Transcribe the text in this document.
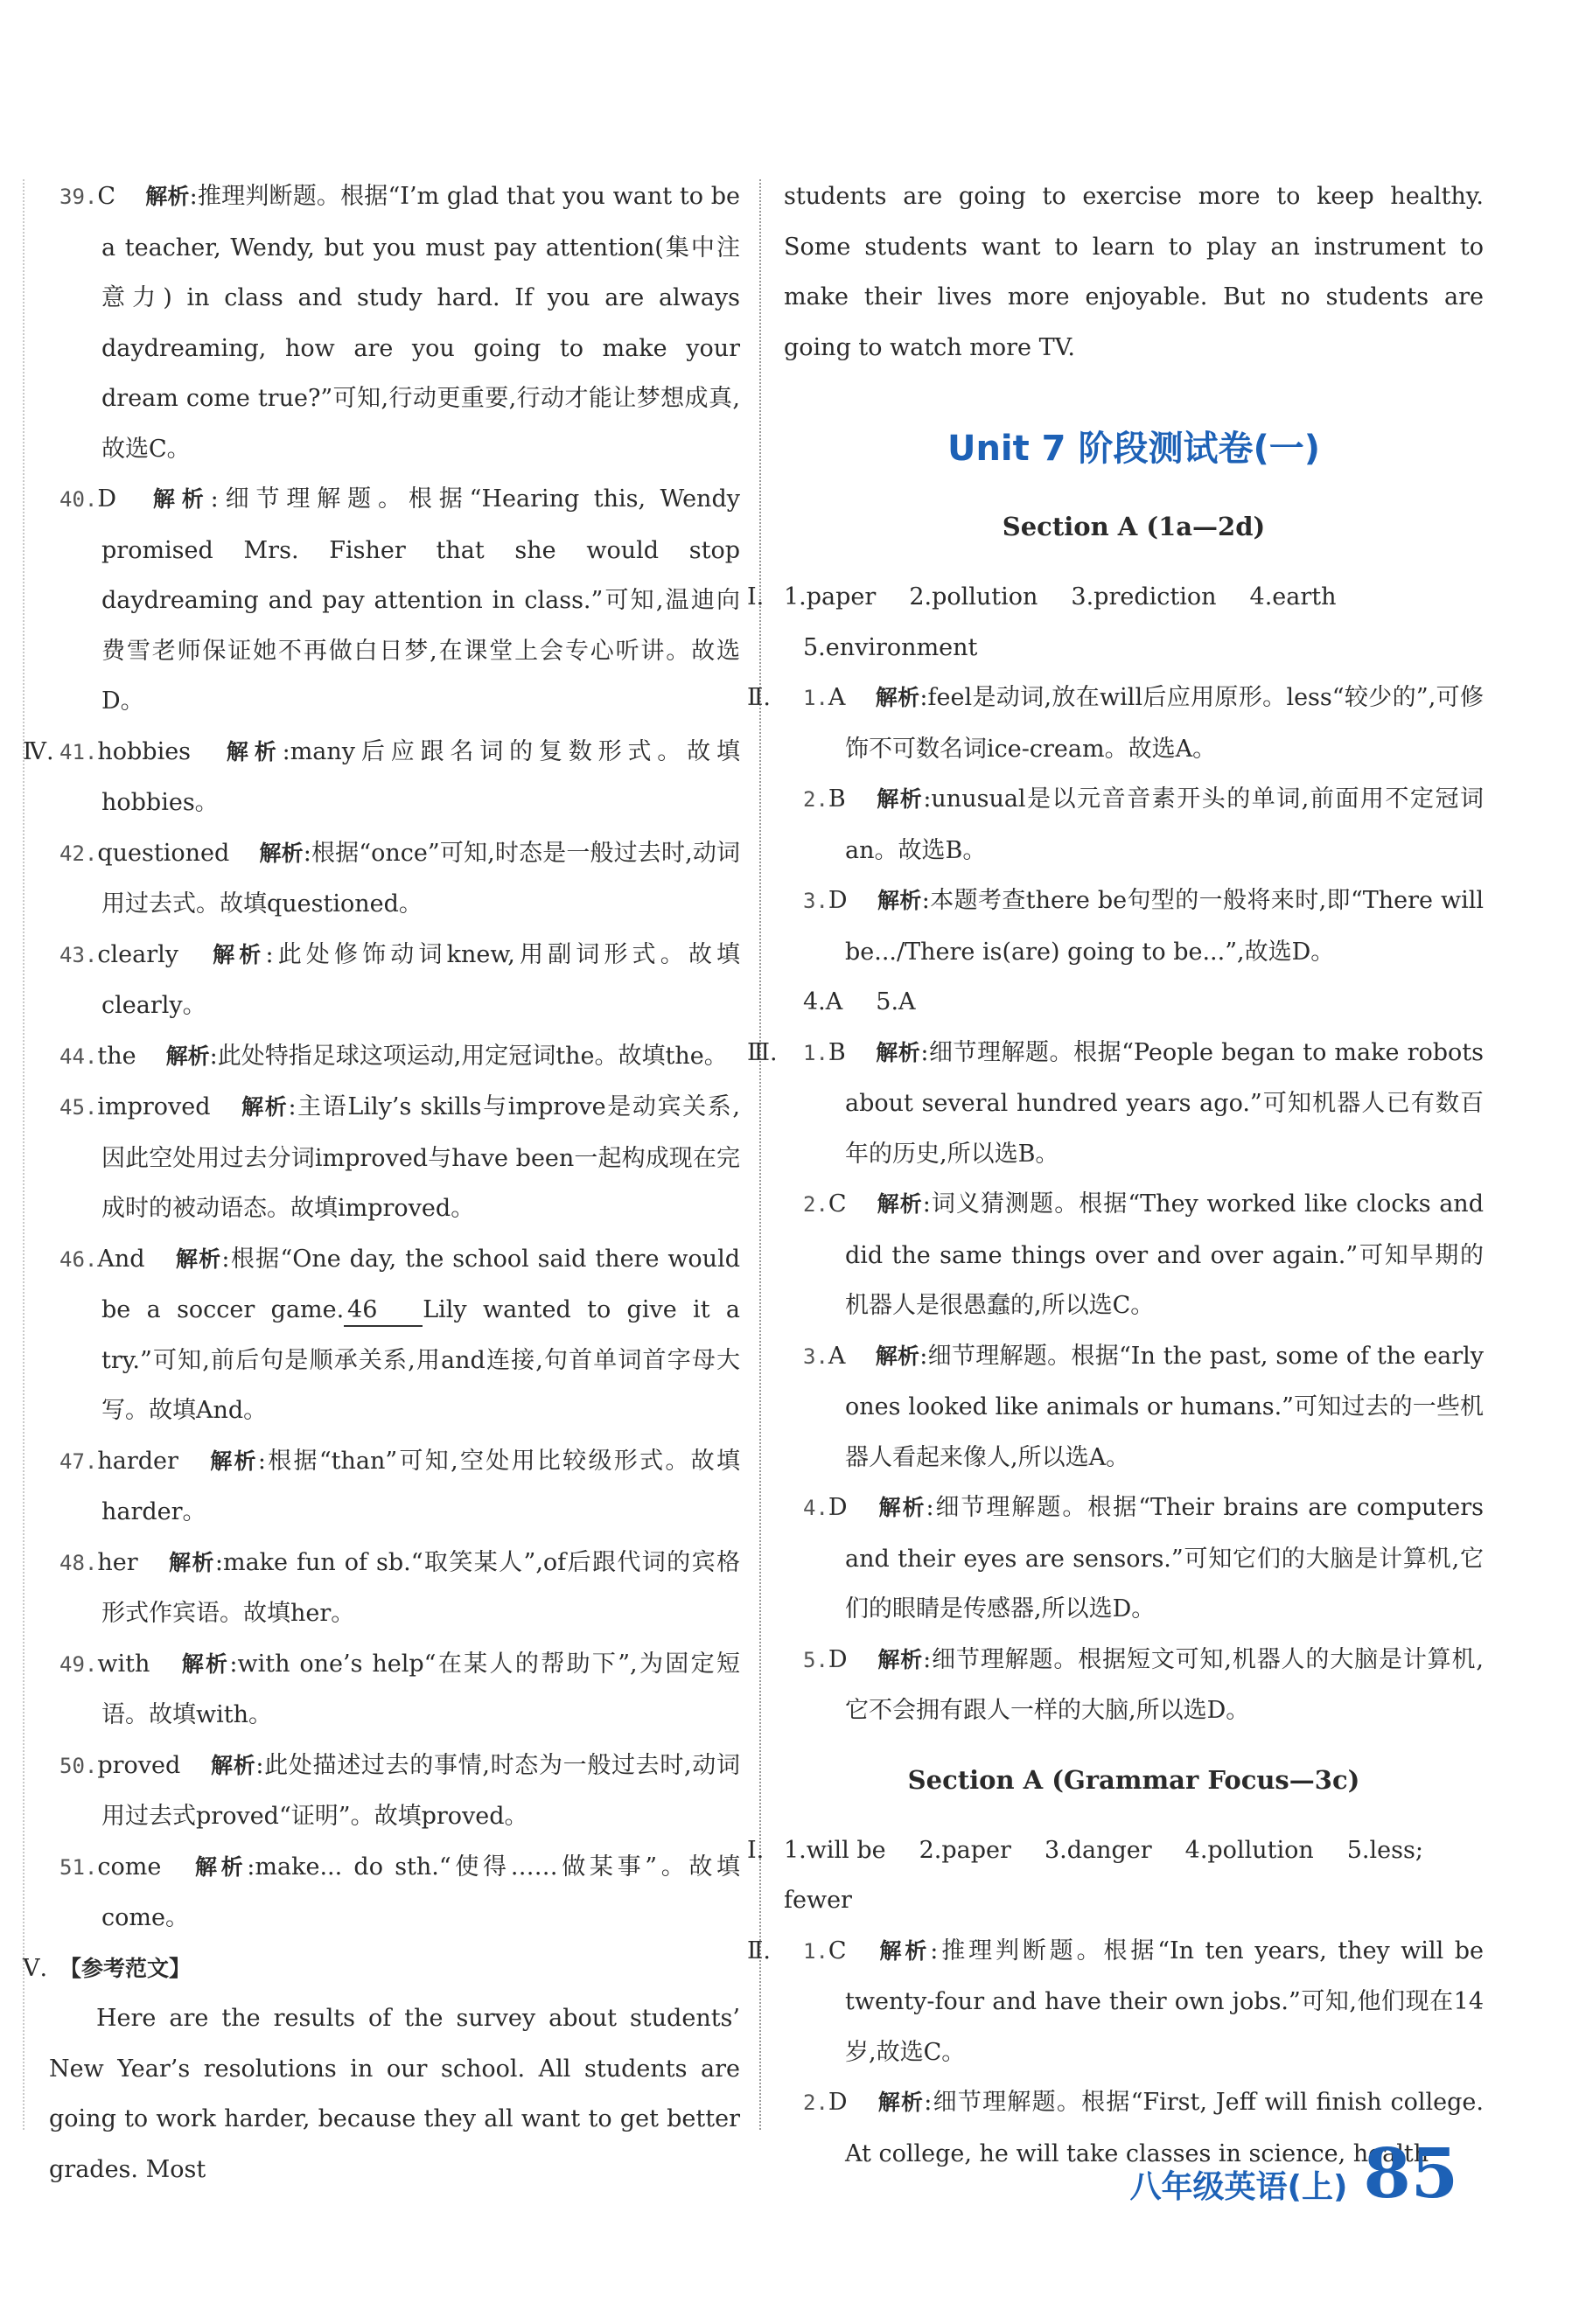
39.C 解析:推理判断题。根据“I’m glad that you want to be a teacher, Wendy, but you must pay attention(集中注意力) in class and study hard. If you are always daydreaming, how are you going to make your dream come true?”可知,行动更重要,行动才能让梦想成真,故选C。
40.D 解析:细节理解题。根据“Hearing this, Wendy promised Mrs. Fisher that she would stop daydreaming and pay attention in class.”可知,温迪向费雪老师保证她不再做白日梦,在课堂上会专心听讲。故选D。
Ⅳ. 41.hobbies 解析:many后应跟名词的复数形式。故填hobbies。
42.questioned 解析:根据“once”可知,时态是一般过去时,动词用过去式。故填questioned。
43.clearly 解析:此处修饰动词knew,用副词形式。故填clearly。
44.the 解析:此处特指足球这项运动,用定冠词the。故填the。
45.improved 解析:主语Lily’s skills与improve是动宾关系,因此空处用过去分词improved与have been一起构成现在完成时的被动语态。故填improved。
46.And 解析:根据“One day, the school said there would be a soccer game. 46 Lily wanted to give it a try.”可知,前后句是顺承关系,用and连接,句首单词首字母大写。故填And。
47.harder 解析:根据“than”可知,空处用比较级形式。故填harder。
48.her 解析:make fun of sb.“取笑某人”,of后跟代词的宾格形式作宾语。故填her。
49.with 解析:with one’s help“在某人的帮助下”,为固定短语。故填with。
50.proved 解析:此处描述过去的事情,时态为一般过去时,动词用过去式proved“证明”。故填proved。
51.come 解析:make... do sth.“使得……做某事”。故填come。
Ⅴ. 【参考范文】
Here are the results of the survey about students’ New Year’s resolutions in our school. All students are going to work harder, because they all want to get better grades. Most
students are going to exercise more to keep healthy. Some students want to learn to play an instrument to make their lives more enjoyable. But no students are going to watch more TV.
Unit 7 阶段测试卷(一)
Section A (1a—2d)
Ⅰ. 1.paper 2.pollution 3.prediction 4.earth
5.environment
Ⅱ.	1.A 解析:feel是动词,放在will后应用原形。less“较少的”,可修饰不可数名词ice-cream。故选A。
2.B 解析:unusual是以元音音素开头的单词,前面用不定冠词an。故选B。
3.D 解析:本题考查there be句型的一般将来时,即“There will be.../There is(are) going to be...”,故选D。
4.A 5.A
Ⅲ.	1.B 解析:细节理解题。根据“People began to make robots about several hundred years ago.”可知机器人已有数百年的历史,所以选B。
2.C 解析:词义猜测题。根据“They worked like clocks and did the same things over and over again.”可知早期的机器人是很愚蠢的,所以选C。
3.A 解析:细节理解题。根据“In the past, some of the early ones looked like animals or humans.”可知过去的一些机器人看起来像人,所以选A。
4.D 解析:细节理解题。根据“Their brains are computers and their eyes are sensors.”可知它们的大脑是计算机,它们的眼睛是传感器,所以选D。
5.D 解析:细节理解题。根据短文可知,机器人的大脑是计算机,它不会拥有跟人一样的大脑,所以选D。
Section A (Grammar Focus—3c)
Ⅰ. 1.will be 2.paper 3.danger 4.pollution 5.less; fewer
Ⅱ.	1.C 解析:推理判断题。根据“In ten years, they will be twenty-four and have their own jobs.”可知,他们现在14岁,故选C。
2.D 解析:细节理解题。根据“First, Jeff will finish college. At college, he will take classes in science, health
八年级英语(上) 85
